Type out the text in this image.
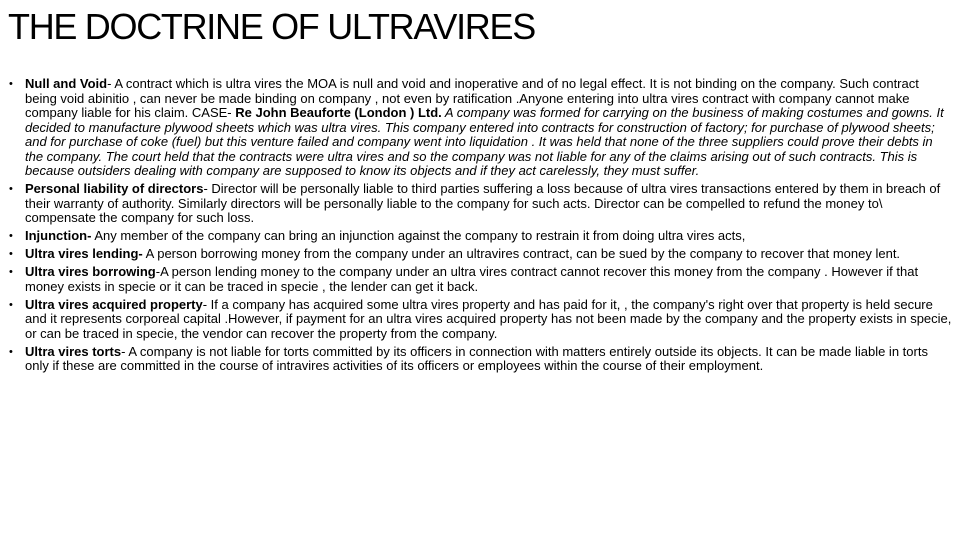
THE DOCTRINE OF ULTRAVIRES
• Null and Void- A contract which is ultra vires the MOA is null and void and inoperative and of no legal effect. It is not binding on the company. Such contract being void abinitio , can never be made binding on company , not even by ratification .Anyone entering into ultra vires contract with company cannot make company liable for his claim. CASE- Re John Beauforte (London ) Ltd. A company was formed for carrying on the business of making costumes and gowns. It decided to manufacture plywood sheets which was ultra vires. This company entered into contracts for construction of factory; for purchase of plywood sheets; and for purchase of coke (fuel) but this venture failed and company went into liquidation . It was held that none of the three suppliers could prove their debts in the company. The court held that the contracts were ultra vires and so the company was not liable for any of the claims arising out of such contracts. This is because outsiders dealing with company are supposed to know its objects and if they act carelessly, they must suffer.
• Personal liability of directors- Director will be personally liable to third parties suffering a loss because of ultra vires transactions entered by them in breach of their warranty of authority. Similarly directors will be personally liable to the company for such acts. Director can be compelled to refund the money to\ compensate the company for such loss.
• Injunction- Any member of the company can bring an injunction against the company to restrain it from doing ultra vires acts,
• Ultra vires lending- A person borrowing money from the company under an ultravires contract, can be sued by the company to recover that money lent.
• Ultra vires borrowing-A person lending money to the company under an ultra vires contract cannot recover this money from the company . However if that money exists in specie or it can be traced in specie , the lender can get it back.
• Ultra vires acquired property- If a company has acquired some ultra vires property and has paid for it, , the company's right over that property is held secure and it represents corporeal capital .However, if payment for an ultra vires acquired property has not been made by the company and the property exists in specie, or can be traced in specie, the vendor can recover the property from the company.
• Ultra vires torts- A company is not liable for torts committed by its officers in connection with matters entirely outside its objects. It can be made liable in torts only if these are committed in the course of intravires activities of its officers or employees within the course of their employment.
